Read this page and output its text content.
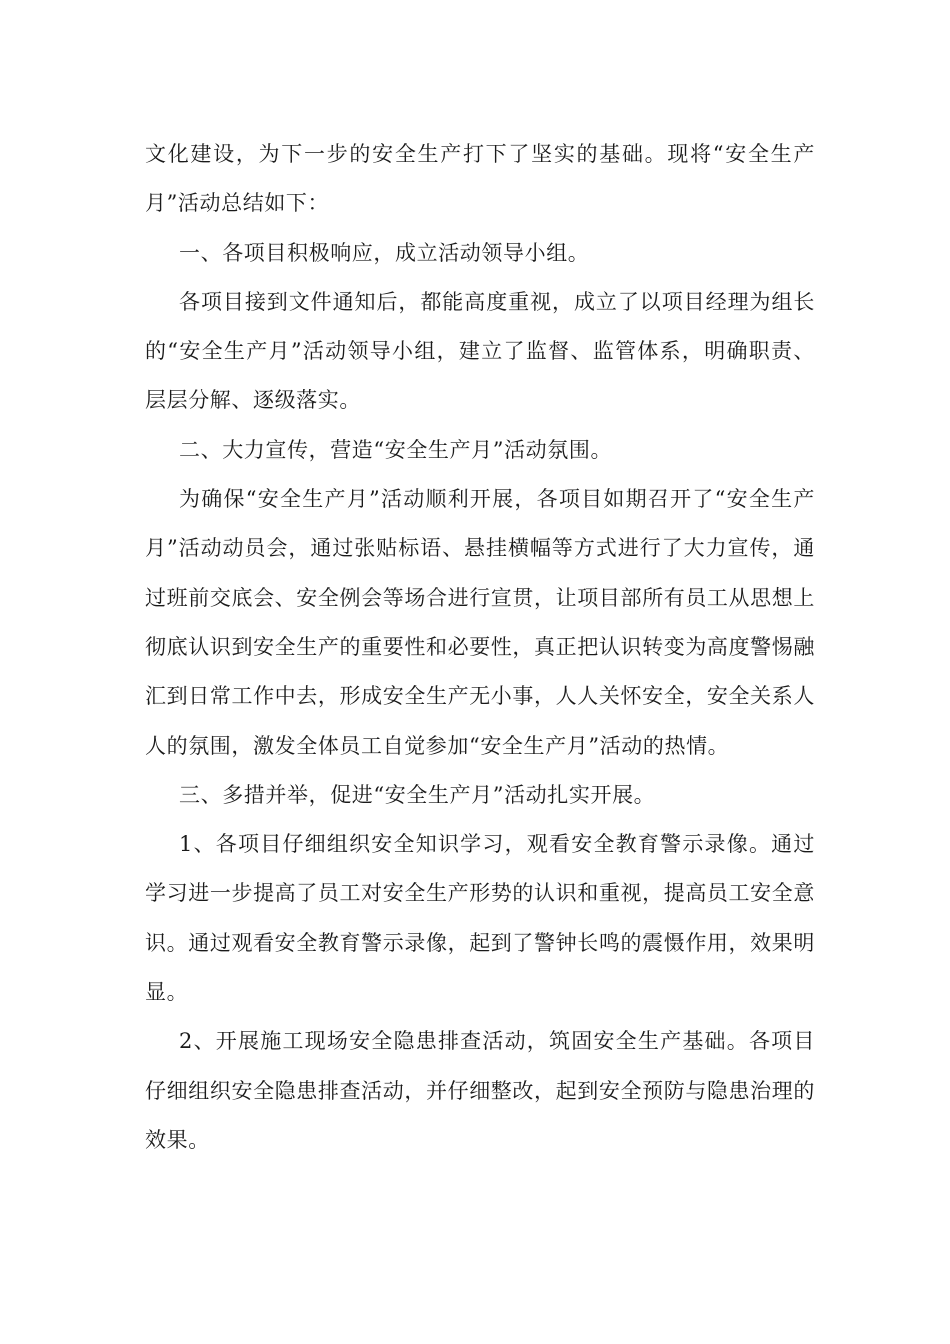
文化建设，为下一步的安全生产打下了坚实的基础。现将“安全生产月”活动总结如下：

一、各项目积极响应，成立活动领导小组。

各项目接到文件通知后，都能高度重视，成立了以项目经理为组长的“安全生产月”活动领导小组，建立了监督、监管体系，明确职责、层层分解、逐级落实。

二、大力宣传，营造“安全生产月”活动氛围。

为确保“安全生产月”活动顺利开展，各项目如期召开了“安全生产月”活动动员会，通过张贴标语、悬挂横幅等方式进行了大力宣传，通过班前交底会、安全例会等场合进行宣贯，让项目部所有员工从思想上彻底认识到安全生产的重要性和必要性，真正把认识转变为高度警惕融汇到日常工作中去，形成安全生产无小事，人人关怀安全，安全关系人人的氛围，激发全体员工自觉参加“安全生产月”活动的热情。

三、多措并举，促进“安全生产月”活动扎实开展。

1、各项目仔细组织安全知识学习，观看安全教育警示录像。通过学习进一步提高了员工对安全生产形势的认识和重视，提高员工安全意识。通过观看安全教育警示录像，起到了警钟长鸣的震慑作用，效果明显。

2、开展施工现场安全隐患排查活动，筑固安全生产基础。各项目仔细组织安全隐患排查活动，并仔细整改，起到安全预防与隐患治理的效果。
